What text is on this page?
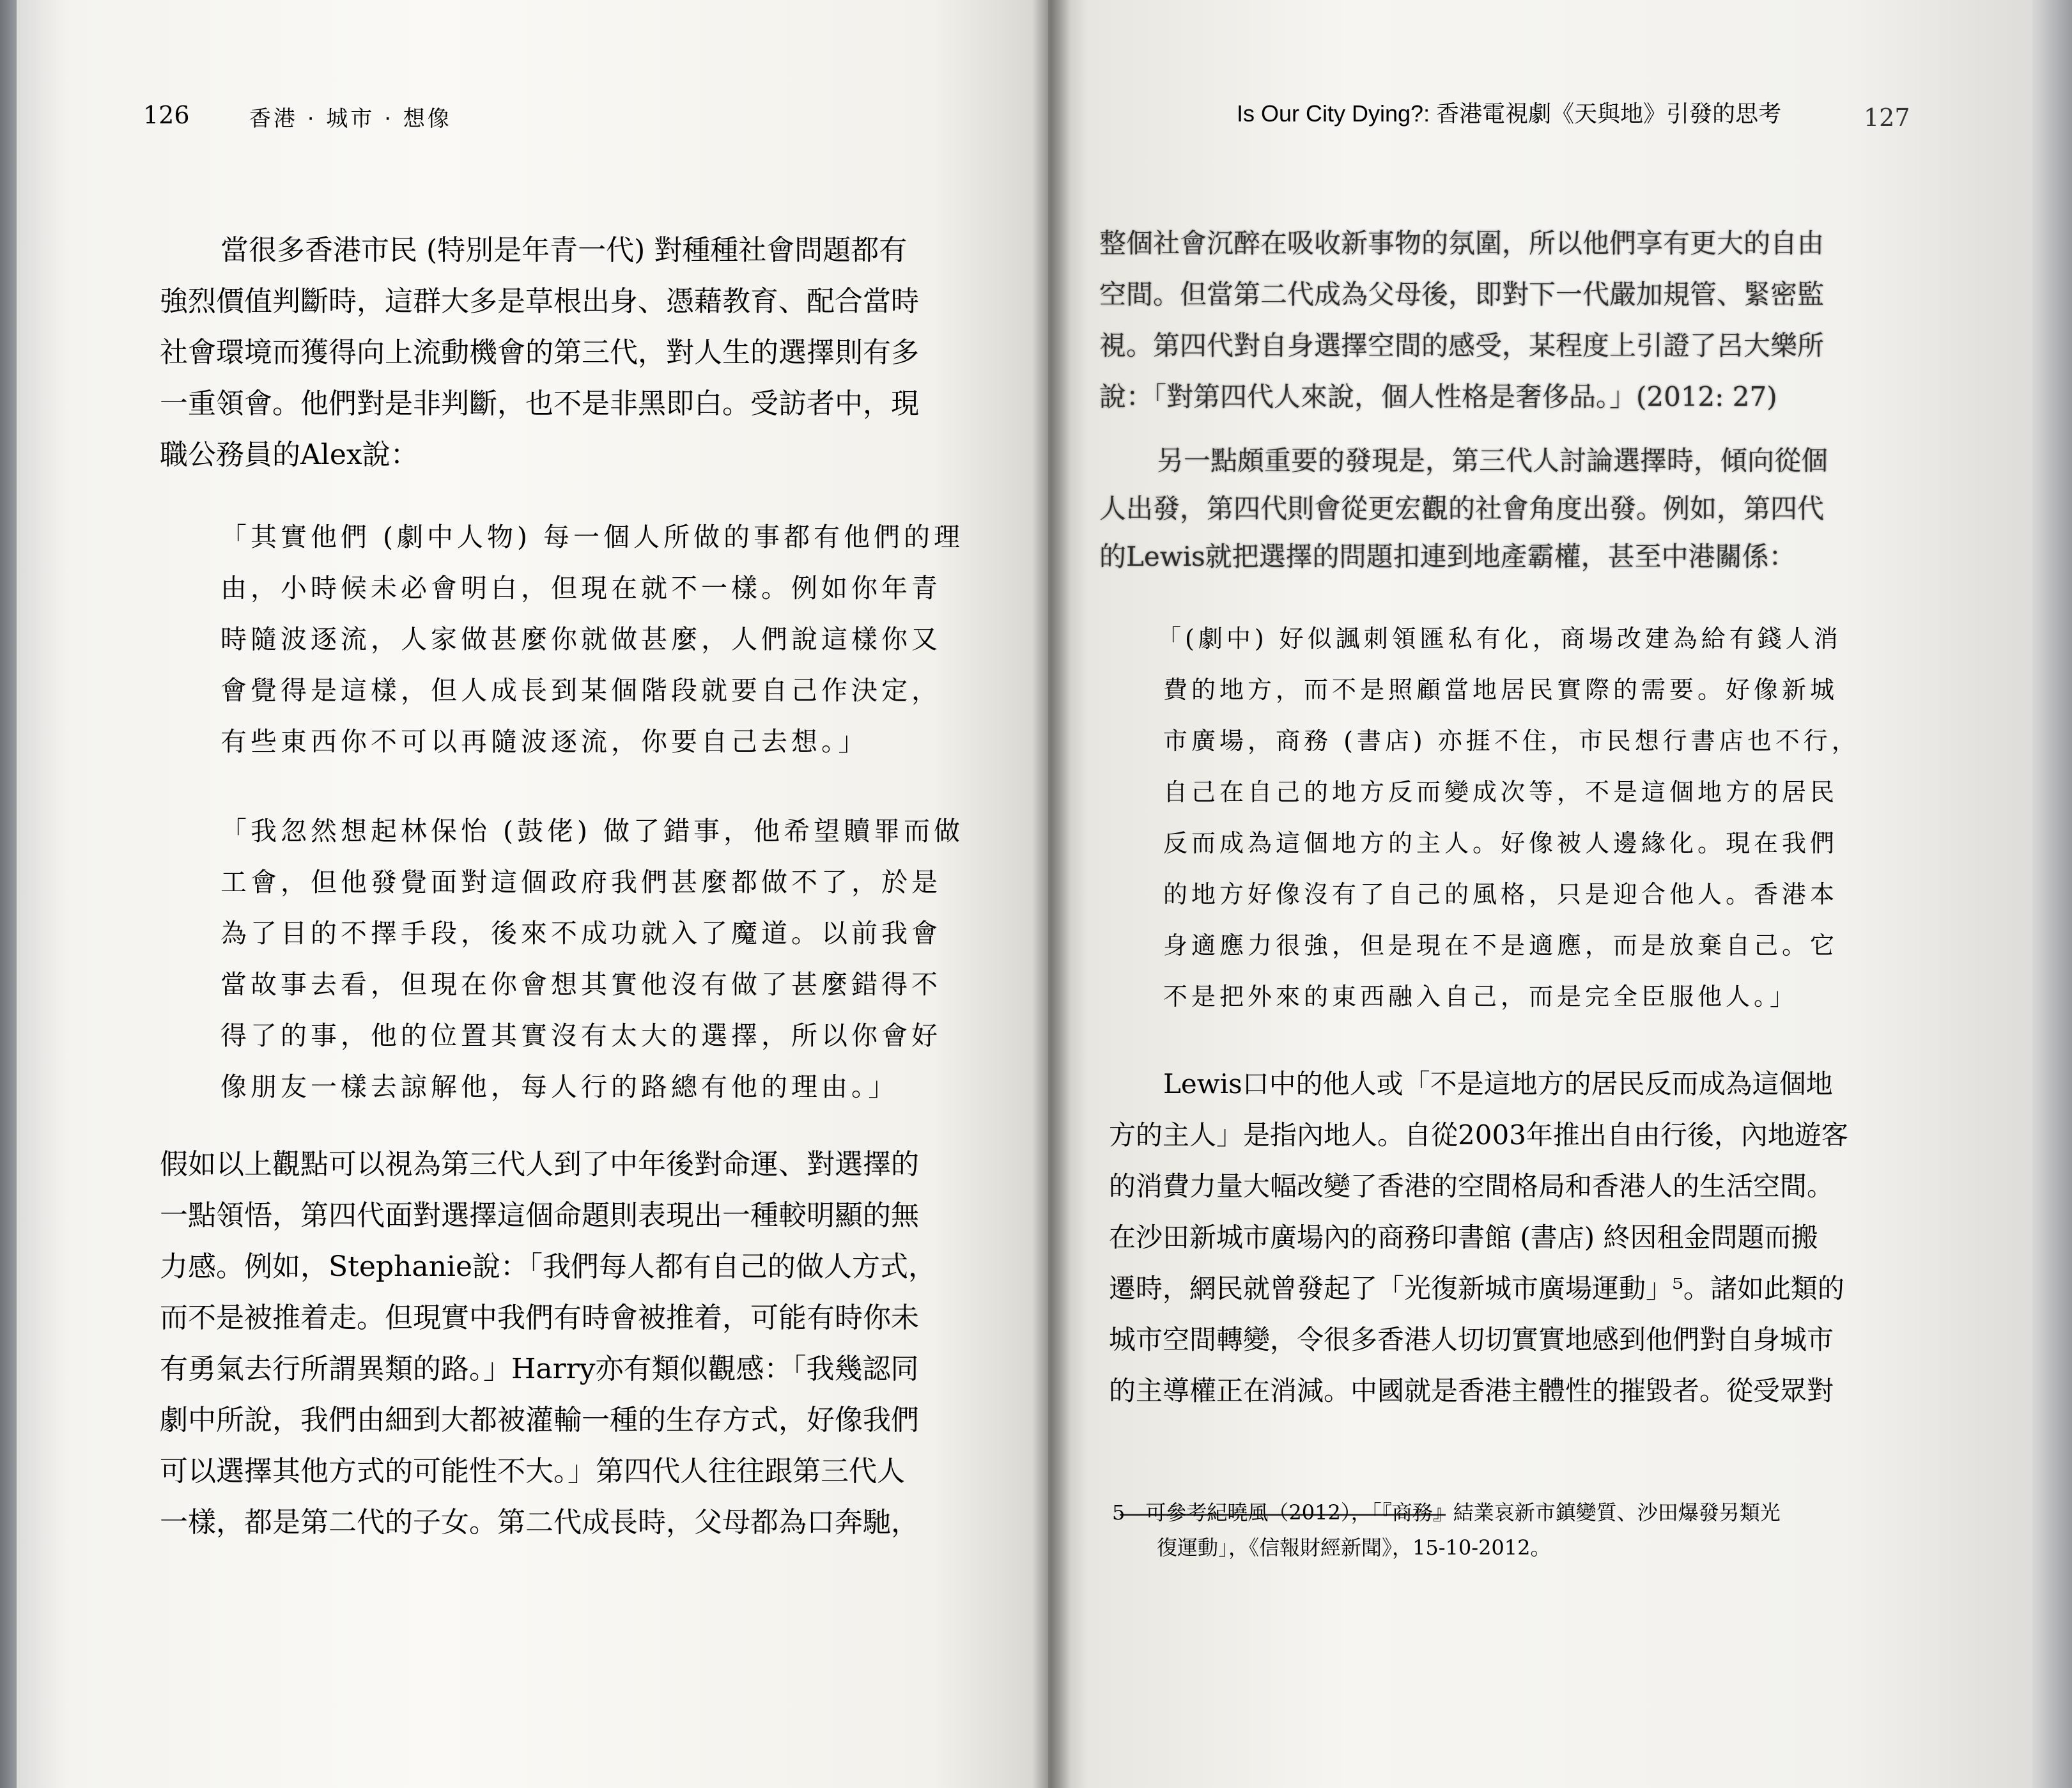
126	香港 · 城市 · 想像	Is Our City Dying?: 香港電視劇《天與地》引發的思考	127
當很多香港市民 (特別是年青一代) 對種種社會問題都有
強烈價值判斷時，這群大多是草根出身、憑藉教育、配合當時
社會環境而獲得向上流動機會的第三代，對人生的選擇則有多
一重領會。他們對是非判斷，也不是非黑即白。受訪者中，現
職公務員的Alex說：
「其實他們 (劇中人物) 每一個人所做的事都有他們的理
由，小時候未必會明白，但現在就不一樣。例如你年青
時隨波逐流，人家做甚麼你就做甚麼，人們說這樣你又
會覺得是這樣，但人成長到某個階段就要自己作決定，
有些東西你不可以再隨波逐流，你要自己去想。」
「我忽然想起林保怡 (鼓佬) 做了錯事，他希望贖罪而做
工會，但他發覺面對這個政府我們甚麼都做不了，於是
為了目的不擇手段，後來不成功就入了魔道。以前我會
當故事去看，但現在你會想其實他沒有做了甚麼錯得不
得了的事，他的位置其實沒有太大的選擇，所以你會好
像朋友一樣去諒解他，每人行的路總有他的理由。」
假如以上觀點可以視為第三代人到了中年後對命運、對選擇的
一點領悟，第四代面對選擇這個命題則表現出一種較明顯的無
力感。例如，Stephanie說：「我們每人都有自己的做人方式，
而不是被推着走。但現實中我們有時會被推着，可能有時你未
有勇氣去行所謂異類的路。」Harry亦有類似觀感：「我幾認同
劇中所說，我們由細到大都被灌輸一種的生存方式，好像我們
可以選擇其他方式的可能性不大。」第四代人往往跟第三代人
一樣，都是第二代的子女。第二代成長時，父母都為口奔馳，
整個社會沉醉在吸收新事物的氛圍，所以他們享有更大的自由
空間。但當第二代成為父母後，即對下一代嚴加規管、緊密監
視。第四代對自身選擇空間的感受，某程度上引證了呂大樂所
說：「對第四代人來說，個人性格是奢侈品。」(2012: 27)
另一點頗重要的發現是，第三代人討論選擇時，傾向從個
人出發，第四代則會從更宏觀的社會角度出發。例如，第四代
的Lewis就把選擇的問題扣連到地產霸權，甚至中港關係：
「(劇中) 好似諷刺領匯私有化，商場改建為給有錢人消
費的地方，而不是照顧當地居民實際的需要。好像新城
市廣場，商務 (書店) 亦捱不住，市民想行書店也不行，
自己在自己的地方反而變成次等，不是這個地方的居民
反而成為這個地方的主人。好像被人邊緣化。現在我們
的地方好像沒有了自己的風格，只是迎合他人。香港本
身適應力很強，但是現在不是適應，而是放棄自己。它
不是把外來的東西融入自己，而是完全臣服他人。」
Lewis口中的他人或「不是這地方的居民反而成為這個地
方的主人」是指內地人。自從2003年推出自由行後，內地遊客
的消費力量大幅改變了香港的空間格局和香港人的生活空間。
在沙田新城市廣場內的商務印書館 (書店) 終因租金問題而搬
遷時，網民就曾發起了「光復新城市廣場運動」⁵。諸如此類的
城市空間轉變，令很多香港人切切實實地感到他們對自身城市
的主導權正在消減。中國就是香港主體性的摧毀者。從受眾對
5　可參考紀曉風（2012），「『商務』結業哀新市鎮變質、沙田爆發另類光
復運動」，《信報財經新聞》，15-10-2012。
